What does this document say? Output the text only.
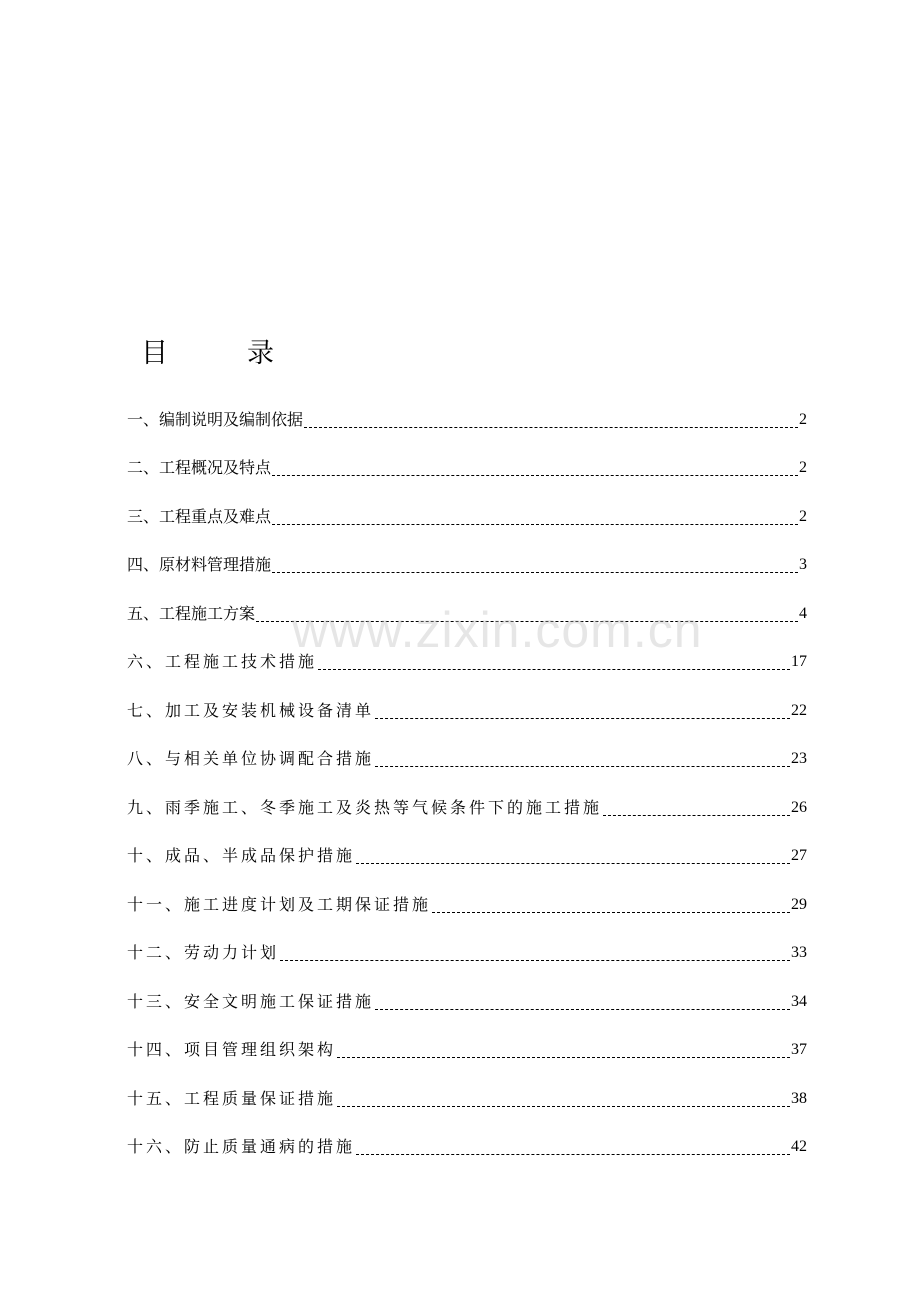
目　录
一、编制说明及编制依据	2
二、工程概况及特点	2
三、工程重点及难点	2
四、原材料管理措施	3
五、工程施工方案	4
六、工程施工技术措施	17
七、加工及安装机械设备清单	22
八、与相关单位协调配合措施	23
九、雨季施工、冬季施工及炎热等气候条件下的施工措施	26
十、成品、半成品保护措施	27
十一、施工进度计划及工期保证措施	29
十二、劳动力计划	33
十三、安全文明施工保证措施	34
十四、项目管理组织架构	37
十五、工程质量保证措施	38
十六、防止质量通病的措施	42
www.zixin.com.cn
